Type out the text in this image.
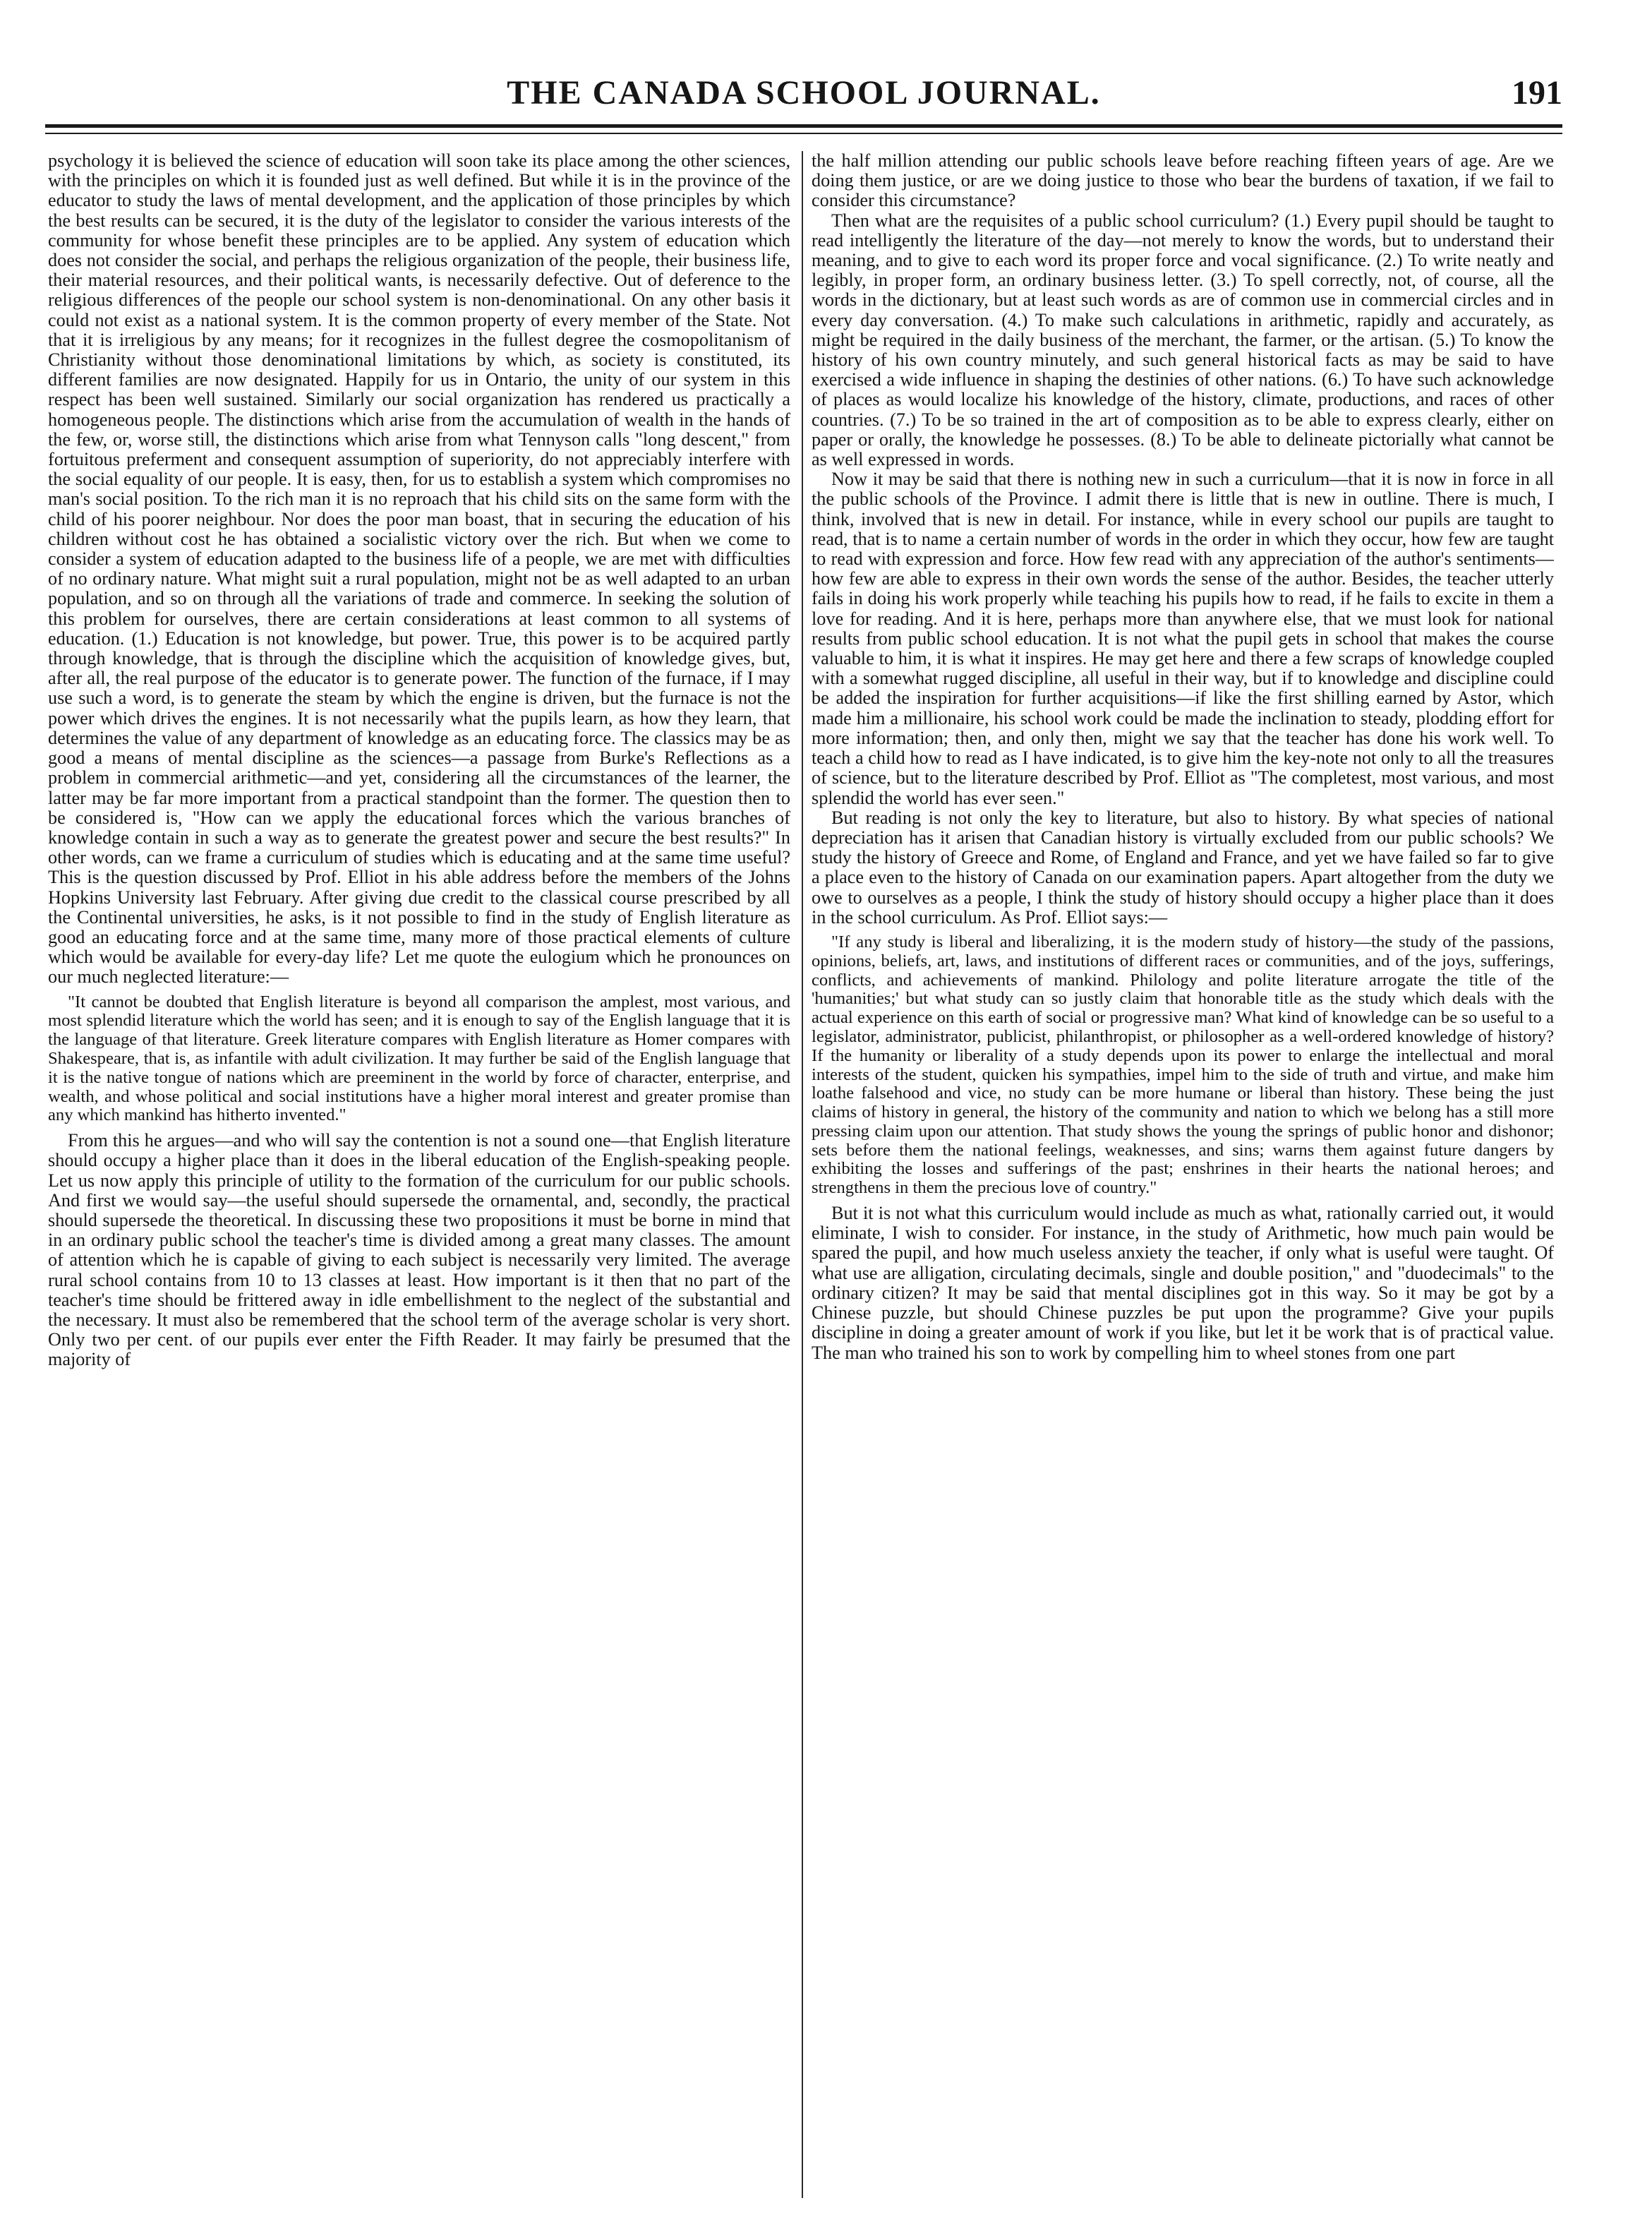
THE CANADA SCHOOL JOURNAL.	191

psychology it is believed the science of education will soon take its place among the other sciences, with the principles on which it is founded just as well defined. But while it is in the province of the educator to study the laws of mental development, and the application of those principles by which the best results can be secured, it is the duty of the legislator to consider the various interests of the community for whose benefit these principles are to be applied. Any system of education which does not consider the social, and perhaps the religious organization of the people, their business life, their material resources, and their political wants, is necessarily defective. Out of deference to the religious differences of the people our school system is non-denominational. On any other basis it could not exist as a national system. It is the common property of every member of the State. Not that it is irreligious by any means; for it recognizes in the fullest degree the cosmopolitanism of Christianity without those denominational limitations by which, as society is constituted, its different families are now designated. Happily for us in Ontario, the unity of our system in this respect has been well sustained. Similarly our social organization has rendered us practically a homogeneous people. The distinctions which arise from the accumulation of wealth in the hands of the few, or, worse still, the distinctions which arise from what Tennyson calls "long descent," from fortuitous preferment and consequent assumption of superiority, do not appreciably interfere with the social equality of our people. It is easy, then, for us to establish a system which compromises no man's social position. To the rich man it is no reproach that his child sits on the same form with the child of his poorer neighbour. Nor does the poor man boast, that in securing the education of his children without cost he has obtained a socialistic victory over the rich. But when we come to consider a system of education adapted to the business life of a people, we are met with difficulties of no ordinary nature. What might suit a rural population, might not be as well adapted to an urban population, and so on through all the variations of trade and commerce. In seeking the solution of this problem for ourselves, there are certain considerations at least common to all systems of education. (1.) Education is not knowledge, but power. True, this power is to be acquired partly through knowledge, that is through the discipline which the acquisition of knowledge gives, but, after all, the real purpose of the educator is to generate power. The function of the furnace, if I may use such a word, is to generate the steam by which the engine is driven, but the furnace is not the power which drives the engines. It is not necessarily what the pupils learn, as how they learn, that determines the value of any department of knowledge as an educating force. The classics may be as good a means of mental discipline as the sciences—a passage from Burke's Reflections as a problem in commercial arithmetic—and yet, considering all the circumstances of the learner, the latter may be far more important from a practical standpoint than the former. The question then to be considered is, "How can we apply the educational forces which the various branches of knowledge contain in such a way as to generate the greatest power and secure the best results?" In other words, can we frame a curriculum of studies which is educating and at the same time useful? This is the question discussed by Prof. Elliot in his able address before the members of the Johns Hopkins University last February. After giving due credit to the classical course prescribed by all the Continental universities, he asks, is it not possible to find in the study of English literature as good an educating force and at the same time, many more of those practical elements of culture which would be available for every-day life? Let me quote the eulogium which he pronounces on our much neglected literature:—

"It cannot be doubted that English literature is beyond all comparison the amplest, most various, and most splendid literature which the world has seen; and it is enough to say of the English language that it is the language of that literature. Greek literature compares with English literature as Homer compares with Shakespeare, that is, as infantile with adult civilization. It may further be said of the English language that it is the native tongue of nations which are preeminent in the world by force of character, enterprise, and wealth, and whose political and social institutions have a higher moral interest and greater promise than any which mankind has hitherto invented."

From this he argues—and who will say the contention is not a sound one—that English literature should occupy a higher place than it does in the liberal education of the English-speaking people. Let us now apply this principle of utility to the formation of the curriculum for our public schools. And first we would say—the useful should supersede the ornamental, and, secondly, the practical should supersede the theoretical. In discussing these two propositions it must be borne in mind that in an ordinary public school the teacher's time is divided among a great many classes. The amount of attention which he is capable of giving to each subject is necessarily very limited. The average rural school contains from 10 to 13 classes at least. How important is it then that no part of the teacher's time should be frittered away in idle embellishment to the neglect of the substantial and the necessary. It must also be remembered that the school term of the average scholar is very short. Only two per cent. of our pupils ever enter the Fifth Reader. It may fairly be presumed that the majority of

the half million attending our public schools leave before reaching fifteen years of age. Are we doing them justice, or are we doing justice to those who bear the burdens of taxation, if we fail to consider this circumstance?

Then what are the requisites of a public school curriculum? (1.) Every pupil should be taught to read intelligently the literature of the day—not merely to know the words, but to understand their meaning, and to give to each word its proper force and vocal significance. (2.) To write neatly and legibly, in proper form, an ordinary business letter. (3.) To spell correctly, not, of course, all the words in the dictionary, but at least such words as are of common use in commercial circles and in every day conversation. (4.) To make such calculations in arithmetic, rapidly and accurately, as might be required in the daily business of the merchant, the farmer, or the artisan. (5.) To know the history of his own country minutely, and such general historical facts as may be said to have exercised a wide influence in shaping the destinies of other nations. (6.) To have such acknowledge of places as would localize his knowledge of the history, climate, productions, and races of other countries. (7.) To be so trained in the art of composition as to be able to express clearly, either on paper or orally, the knowledge he possesses. (8.) To be able to delineate pictorially what cannot be as well expressed in words.

Now it may be said that there is nothing new in such a curriculum—that it is now in force in all the public schools of the Province. I admit there is little that is new in outline. There is much, I think, involved that is new in detail. For instance, while in every school our pupils are taught to read, that is to name a certain number of words in the order in which they occur, how few are taught to read with expression and force. How few read with any appreciation of the author's sentiments—how few are able to express in their own words the sense of the author. Besides, the teacher utterly fails in doing his work properly while teaching his pupils how to read, if he fails to excite in them a love for reading. And it is here, perhaps more than anywhere else, that we must look for national results from public school education. It is not what the pupil gets in school that makes the course valuable to him, it is what it inspires. He may get here and there a few scraps of knowledge coupled with a somewhat rugged discipline, all useful in their way, but if to knowledge and discipline could be added the inspiration for further acquisitions—if like the first shilling earned by Astor, which made him a millionaire, his school work could be made the inclination to steady, plodding effort for more information; then, and only then, might we say that the teacher has done his work well. To teach a child how to read as I have indicated, is to give him the key-note not only to all the treasures of science, but to the literature described by Prof. Elliot as "The completest, most various, and most splendid the world has ever seen."

But reading is not only the key to literature, but also to history. By what species of national depreciation has it arisen that Canadian history is virtually excluded from our public schools? We study the history of Greece and Rome, of England and France, and yet we have failed so far to give a place even to the history of Canada on our examination papers. Apart altogether from the duty we owe to ourselves as a people, I think the study of history should occupy a higher place than it does in the school curriculum. As Prof. Elliot says:—

"If any study is liberal and liberalizing, it is the modern study of history—the study of the passions, opinions, beliefs, art, laws, and institutions of different races or communities, and of the joys, sufferings, conflicts, and achievements of mankind. Philology and polite literature arrogate the title of the 'humanities;' but what study can so justly claim that honorable title as the study which deals with the actual experience on this earth of social or progressive man? What kind of knowledge can be so useful to a legislator, administrator, publicist, philanthropist, or philosopher as a well-ordered knowledge of history? If the humanity or liberality of a study depends upon its power to enlarge the intellectual and moral interests of the student, quicken his sympathies, impel him to the side of truth and virtue, and make him loathe falsehood and vice, no study can be more humane or liberal than history. These being the just claims of history in general, the history of the community and nation to which we belong has a still more pressing claim upon our attention. That study shows the young the springs of public honor and dishonor; sets before them the national feelings, weaknesses, and sins; warns them against future dangers by exhibiting the losses and sufferings of the past; enshrines in their hearts the national heroes; and strengthens in them the precious love of country."

But it is not what this curriculum would include as much as what, rationally carried out, it would eliminate, I wish to consider. For instance, in the study of Arithmetic, how much pain would be spared the pupil, and how much useless anxiety the teacher, if only what is useful were taught. Of what use are alligation, circulating decimals, single and double position," and "duodecimals" to the ordinary citizen? It may be said that mental disciplines got in this way. So it may be got by a Chinese puzzle, but should Chinese puzzles be put upon the programme? Give your pupils discipline in doing a greater amount of work if you like, but let it be work that is of practical value. The man who trained his son to work by compelling him to wheel stones from one part
